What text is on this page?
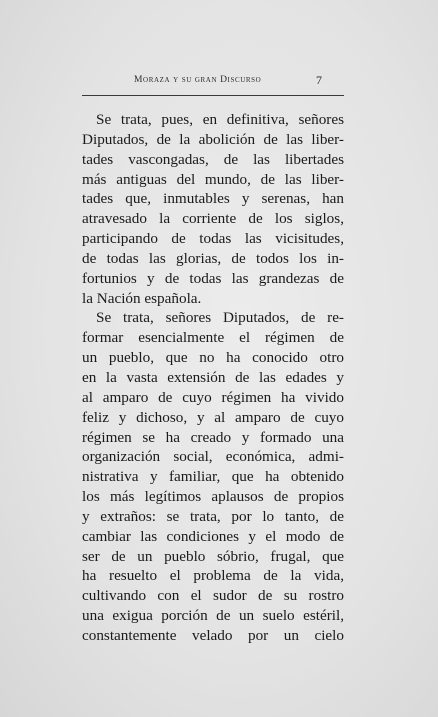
Moraza y su gran Discurso	7
Se trata, pues, en definitiva, señores
Diputados, de la abolición de las liber-
tades vascongadas, de las libertades
más antiguas del mundo, de las liber-
tades que, inmutables y serenas, han
atravesado la corriente de los siglos,
participando de todas las vicisitudes,
de todas las glorias, de todos los in-
fortunios y de todas las grandezas de
la Nación española.
Se trata, señores Diputados, de re-
formar esencialmente el régimen de
un pueblo, que no ha conocido otro
en la vasta extensión de las edades y
al amparo de cuyo régimen ha vivido
feliz y dichoso, y al amparo de cuyo
régimen se ha creado y formado una
organización social, económica, admi-
nistrativa y familiar, que ha obtenido
los más legítimos aplausos de propios
y extraños: se trata, por lo tanto, de
cambiar las condiciones y el modo de
ser de un pueblo sóbrio, frugal, que
ha resuelto el problema de la vida,
cultivando con el sudor de su rostro
una exigua porción de un suelo estéril,
constantemente velado por un cielo
